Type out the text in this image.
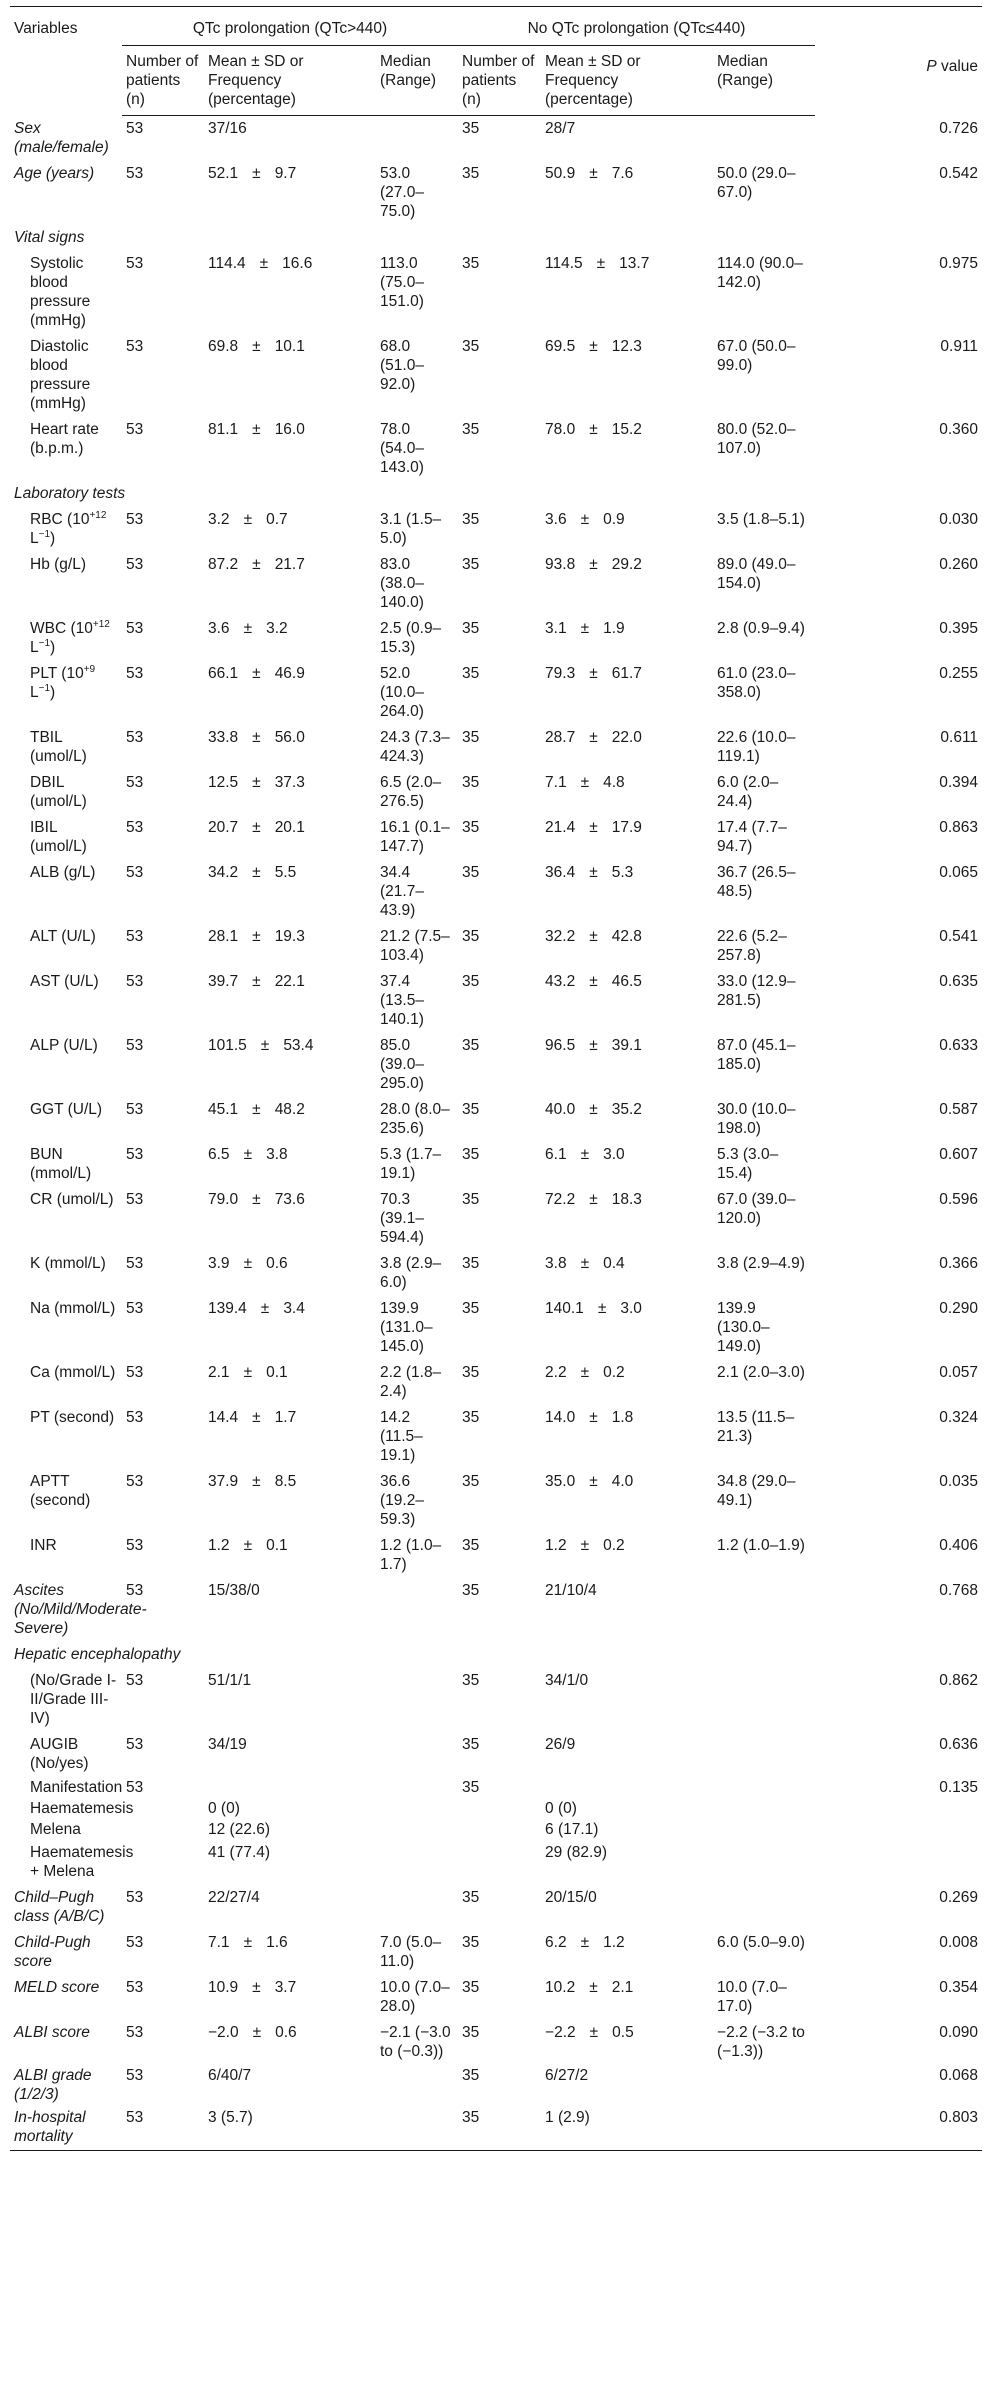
Variables	QTc prolongation (QTc>440)			No QTc prolongation (QTc≤440)			P value
	Number of patients (n)	Mean ± SD or Frequency (percentage)	Median (Range)	Number of patients (n)	Mean ± SD or Frequency (percentage)	Median (Range)	
Sex (male/female)	53	37/16		35	28/7		0.726
Age (years)	53	52.1 ± 9.7	53.0 (27.0–75.0)	35	50.9 ± 7.6	50.0 (29.0–67.0)	0.542
Vital signs							
Systolic blood pressure (mmHg)	53	114.4 ± 16.6	113.0 (75.0–151.0)	35	114.5 ± 13.7	114.0 (90.0–142.0)	0.975
Diastolic blood pressure (mmHg)	53	69.8 ± 10.1	68.0 (51.0–92.0)	35	69.5 ± 12.3	67.0 (50.0–99.0)	0.911
Heart rate (b.p.m.)	53	81.1 ± 16.0	78.0 (54.0–143.0)	35	78.0 ± 15.2	80.0 (52.0–107.0)	0.360
Laboratory tests							
RBC ($10^{+12}$ $L^{-1}$)	53	3.2 ± 0.7	3.1 (1.5–5.0)	35	3.6 ± 0.9	3.5 (1.8–5.1)	0.030
Hb (g/L)	53	87.2 ± 21.7	83.0 (38.0–140.0)	35	93.8 ± 29.2	89.0 (49.0–154.0)	0.260
WBC ($10^{+12}$ $L^{-1}$)	53	3.6 ± 3.2	2.5 (0.9–15.3)	35	3.1 ± 1.9	2.8 (0.9–9.4)	0.395
PLT ($10^{+9}$ $L^{-1}$)	53	66.1 ± 46.9	52.0 (10.0–264.0)	35	79.3 ± 61.7	61.0 (23.0–358.0)	0.255
TBIL (umol/L)	53	33.8 ± 56.0	24.3 (7.3–424.3)	35	28.7 ± 22.0	22.6 (10.0–119.1)	0.611
DBIL (umol/L)	53	12.5 ± 37.3	6.5 (2.0–276.5)	35	7.1 ± 4.8	6.0 (2.0–24.4)	0.394
IBIL (umol/L)	53	20.7 ± 20.1	16.1 (0.1–147.7)	35	21.4 ± 17.9	17.4 (7.7–94.7)	0.863
ALB (g/L)	53	34.2 ± 5.5	34.4 (21.7–43.9)	35	36.4 ± 5.3	36.7 (26.5–48.5)	0.065
ALT (U/L)	53	28.1 ± 19.3	21.2 (7.5–103.4)	35	32.2 ± 42.8	22.6 (5.2–257.8)	0.541
AST (U/L)	53	39.7 ± 22.1	37.4 (13.5–140.1)	35	43.2 ± 46.5	33.0 (12.9–281.5)	0.635
ALP (U/L)	53	101.5 ± 53.4	85.0 (39.0–295.0)	35	96.5 ± 39.1	87.0 (45.1–185.0)	0.633
GGT (U/L)	53	45.1 ± 48.2	28.0 (8.0–235.6)	35	40.0 ± 35.2	30.0 (10.0–198.0)	0.587
BUN (mmol/L)	53	6.5 ± 3.8	5.3 (1.7–19.1)	35	6.1 ± 3.0	5.3 (3.0–15.4)	0.607
CR (umol/L)	53	79.0 ± 73.6	70.3 (39.1–594.4)	35	72.2 ± 18.3	67.0 (39.0–120.0)	0.596
K (mmol/L)	53	3.9 ± 0.6	3.8 (2.9–6.0)	35	3.8 ± 0.4	3.8 (2.9–4.9)	0.366
Na (mmol/L)	53	139.4 ± 3.4	139.9 (131.0–145.0)	35	140.1 ± 3.0	139.9 (130.0–149.0)	0.290
Ca (mmol/L)	53	2.1 ± 0.1	2.2 (1.8–2.4)	35	2.2 ± 0.2	2.1 (2.0–3.0)	0.057
PT (second)	53	14.4 ± 1.7	14.2 (11.5–19.1)	35	14.0 ± 1.8	13.5 (11.5–21.3)	0.324
APTT (second)	53	37.9 ± 8.5	36.6 (19.2–59.3)	35	35.0 ± 4.0	34.8 (29.0–49.1)	0.035
INR	53	1.2 ± 0.1	1.2 (1.0–1.7)	35	1.2 ± 0.2	1.2 (1.0–1.9)	0.406
Ascites (No/Mild/Moderate-Severe)	53	15/38/0		35	21/10/4		0.768
Hepatic encephalopathy							
(No/Grade I-II/Grade III-IV)	53	51/1/1		35	34/1/0		0.862
AUGIB (No/yes)	53	34/19		35	26/9		0.636
Manifestation	53			35			0.135
Haematemesis		0 (0)			0 (0)		
Melena		12 (22.6)			6 (17.1)		
Haematemesis + Melena		41 (77.4)			29 (82.9)		
Child–Pugh class (A/B/C)	53	22/27/4		35	20/15/0		0.269
Child-Pugh score	53	7.1 ± 1.6	7.0 (5.0–11.0)	35	6.2 ± 1.2	6.0 (5.0–9.0)	0.008
MELD score	53	10.9 ± 3.7	10.0 (7.0–28.0)	35	10.2 ± 2.1	10.0 (7.0–17.0)	0.354
ALBI score	53	−2.0 ± 0.6	−2.1 (−3.0 to (−0.3))	35	−2.2 ± 0.5	−2.2 (−3.2 to (−1.3))	0.090
ALBI grade (1/2/3)	53	6/40/7		35	6/27/2		0.068
In-hospital mortality	53	3 (5.7)		35	1 (2.9)		0.803
